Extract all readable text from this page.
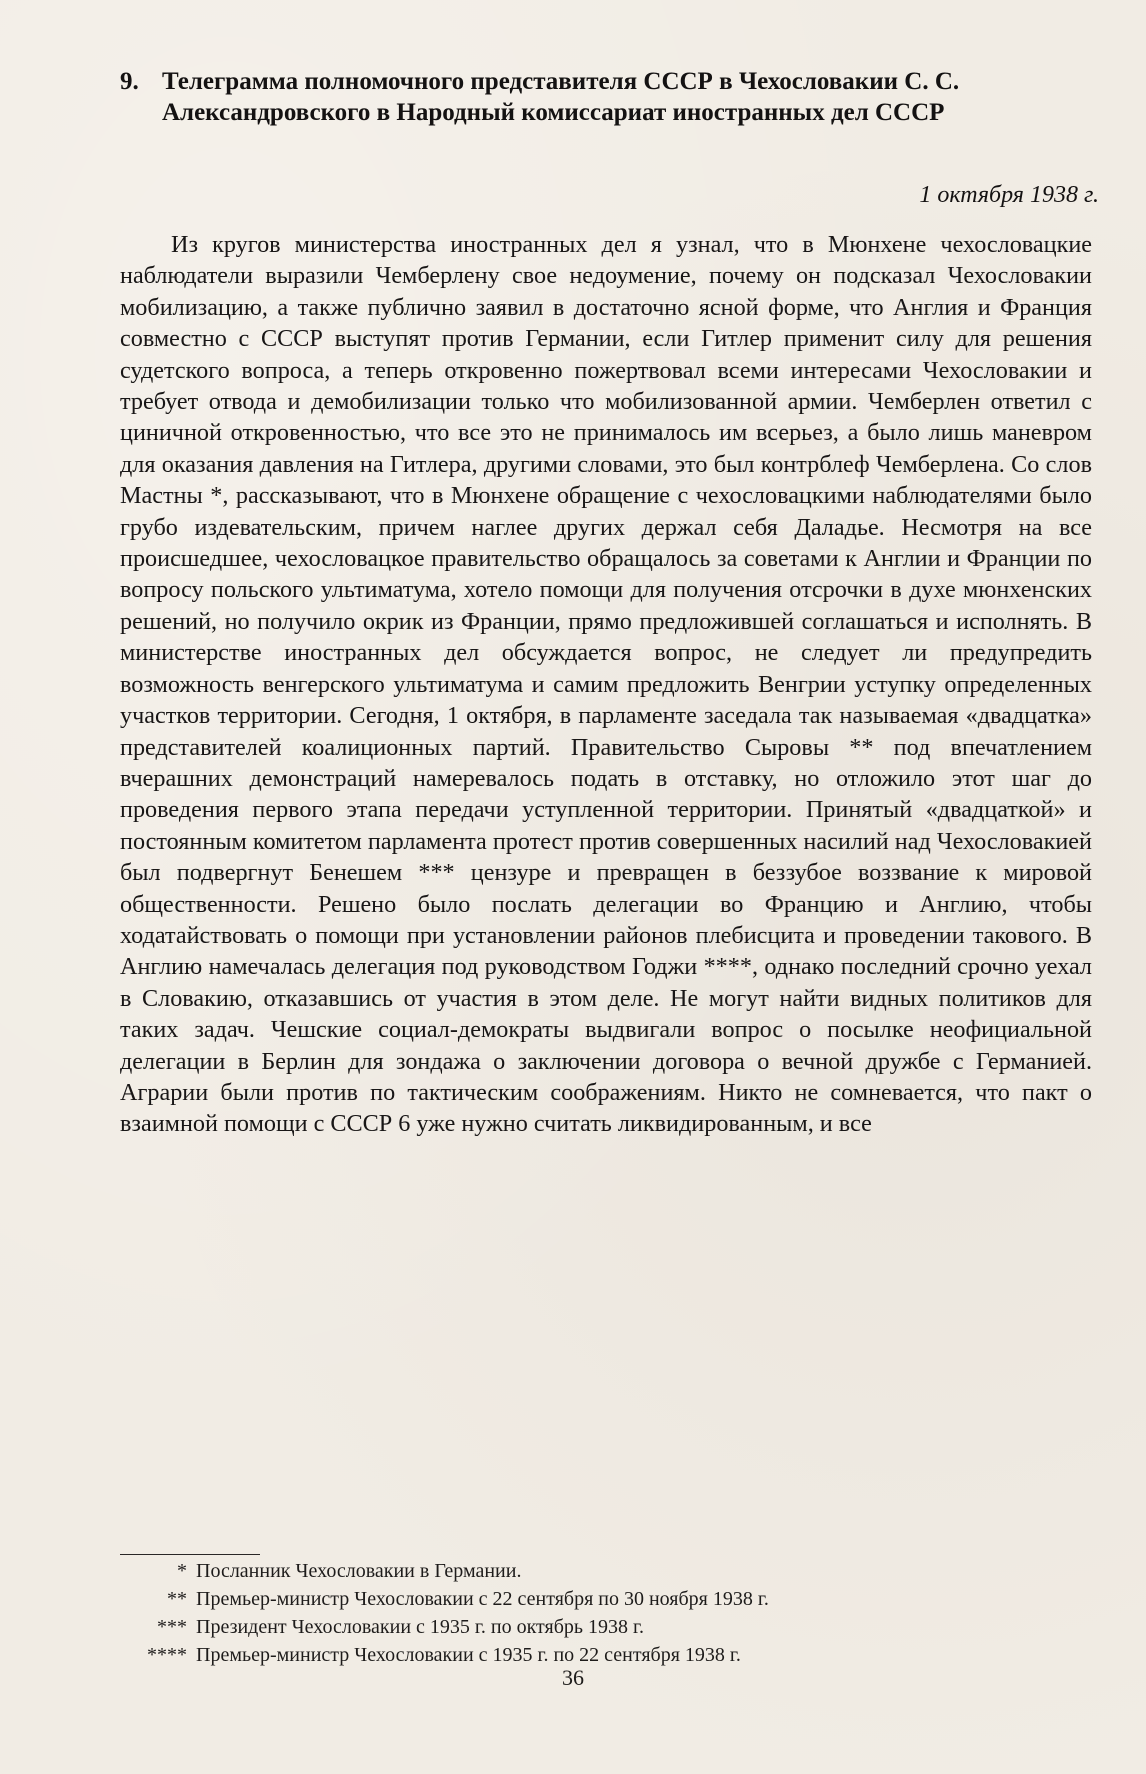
9. Телеграмма полномочного представителя СССР в Чехословакии С. С. Александровского в Народный комиссариат иностранных дел СССР
1 октября 1938 г.

Из кругов министерства иностранных дел я узнал, что в Мюнхене чехословацкие наблюдатели выразили Чемберлену свое недоумение, почему он подсказал Чехословакии мобилизацию, а также публично заявил в достаточно ясной форме, что Англия и Франция совместно с СССР выступят против Германии, если Гитлер применит силу для решения судетского вопроса, а теперь откровенно пожертвовал всеми интересами Чехословакии и требует отвода и демобилизации только что мобилизованной армии. Чемберлен ответил с циничной откровенностью, что все это не принималось им всерьез, а было лишь маневром для оказания давления на Гитлера, другими словами, это был контрблеф Чемберлена. Со слов Мастны *, рассказывают, что в Мюнхене обращение с чехословацкими наблюдателями было грубо издевательским, причем наглее других держал себя Даладье. Несмотря на все происшедшее, чехословацкое правительство обращалось за советами к Англии и Франции по вопросу польского ультиматума, хотело помощи для получения отсрочки в духе мюнхенских решений, но получило окрик из Франции, прямо предложившей соглашаться и исполнять. В министерстве иностранных дел обсуждается вопрос, не следует ли предупредить возможность венгерского ультиматума и самим предложить Венгрии уступку определенных участков территории. Сегодня, 1 октября, в парламенте заседала так называемая «двадцатка» представителей коалиционных партий. Правительство Сыровы ** под впечатлением вчерашних демонстраций намеревалось подать в отставку, но отложило этот шаг до проведения первого этапа передачи уступленной территории. Принятый «двадцаткой» и постоянным комитетом парламента протест против совершенных насилий над Чехословакией был подвергнут Бенешем *** цензуре и превращен в беззубое воззвание к мировой общественности. Решено было послать делегации во Францию и Англию, чтобы ходатайствовать о помощи при установлении районов плебисцита и проведении такового. В Англию намечалась делегация под руководством Годжи ****, однако последний срочно уехал в Словакию, отказавшись от участия в этом деле. Не могут найти видных политиков для таких задач. Чешские социал-демократы выдвигали вопрос о посылке неофициальной делегации в Берлин для зондажа о заключении договора о вечной дружбе с Германией. Аграрии были против по тактическим соображениям. Никто не сомневается, что пакт о взаимной помощи с СССР 6 уже нужно считать ликвидированным, и все

* Посланник Чехословакии в Германии.
** Премьер-министр Чехословакии с 22 сентября по 30 ноября 1938 г.
*** Президент Чехословакии с 1935 г. по октябрь 1938 г.
**** Премьер-министр Чехословакии с 1935 г. по 22 сентября 1938 г.
36
